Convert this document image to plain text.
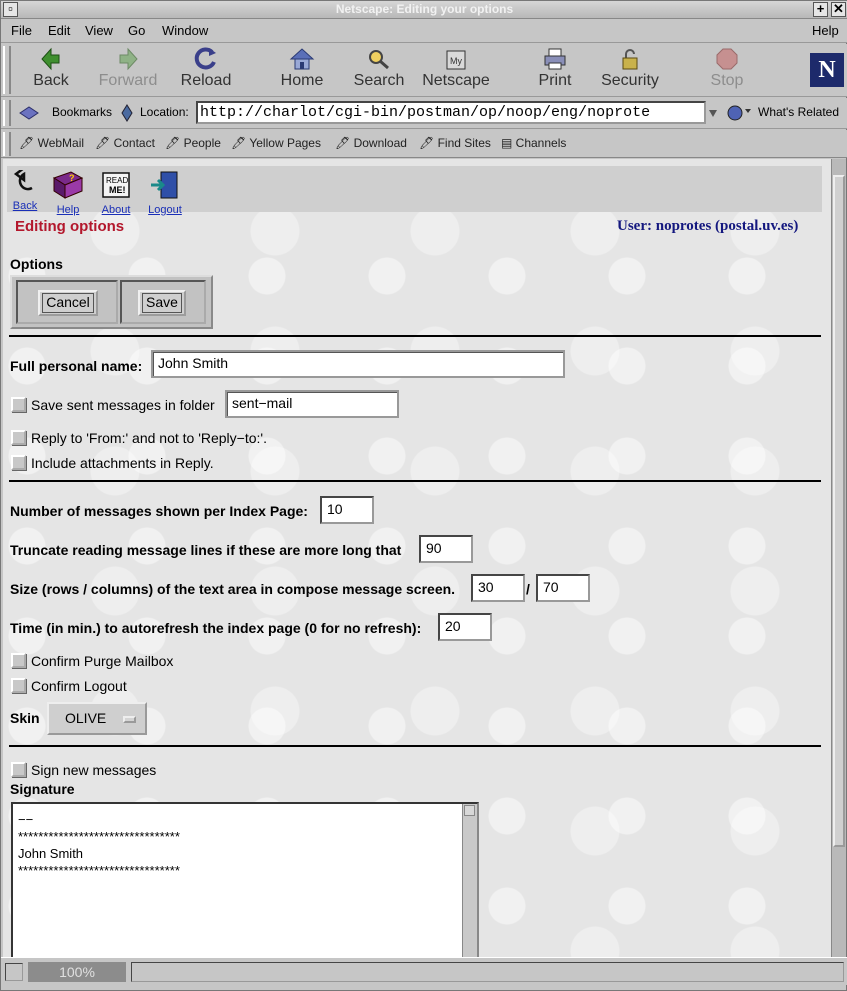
▫	Netscape: Editing your options	+ ✕
File Edit View Go Window	Help
Back	Forward Reload	Home Search
My
Netscape	Print	Security	Stop	N
Bookmarks Location: http://charlot/cgi-bin/postman/op/noop/eng/noprote	What's Related
🖊 WebMail 🖊 Contact 🖊 People 🖊 Yellow Pages 🖊 Download 🖊 Find Sites ▤ Channels
Back
?
Help
READ
ME!
About Logout
Editing options	User: noprotes (postal.uv.es)
Options
Cancel	Save
Full personal name:	John Smith
Save sent messages in folder	sent−mail
Reply to 'From:' and not to 'Reply−to:'.
Include attachments in Reply.
Number of messages shown per Index Page:	10
Truncate reading message lines if these are more long that	90
Size (rows / columns) of the text area in compose message screen.	30	/ 70
Time (in min.) to autorefresh the index page (0 for no refresh):	20
Confirm Purge Mailbox
Confirm Logout
Skin OLIVE
Sign new messages
Signature
−−
********************************
John Smith
********************************
100%
